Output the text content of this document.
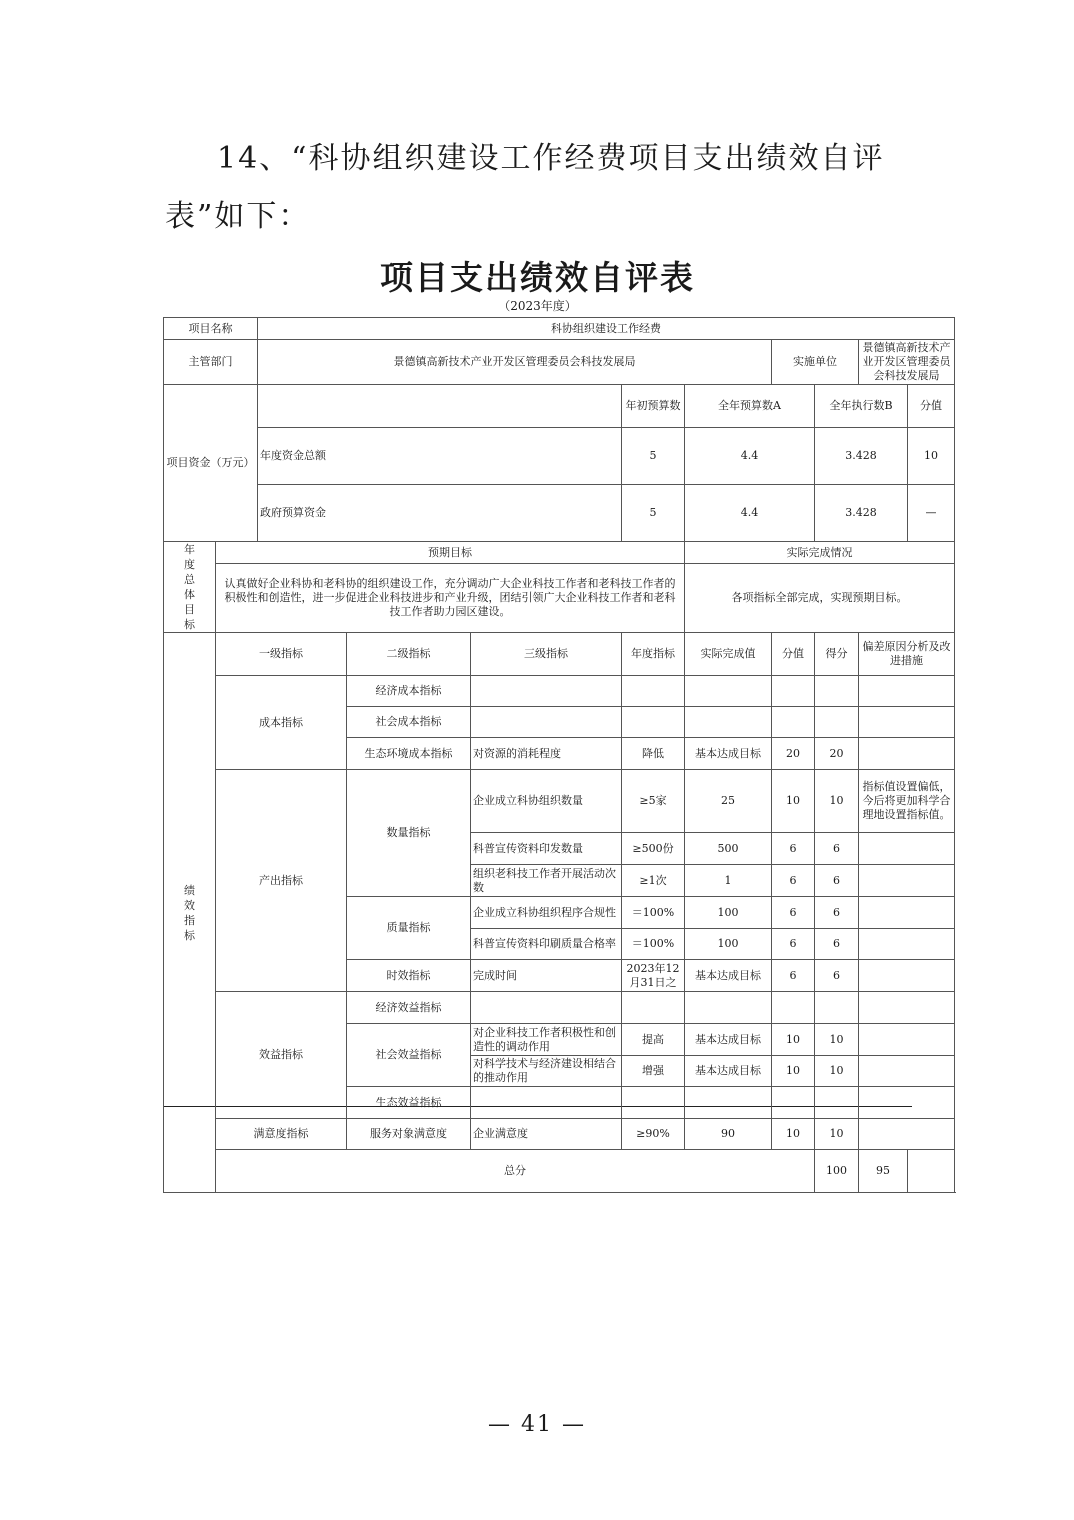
14、“科协组织建设工作经费项目支出绩效自评表”如下：
项目支出绩效自评表
（2023年度）
项目名称		科协组织建设工作经费									
主管部门		景德镇高新技术产业开发区管理委员会科技发展局					实施单位		景德镇高新技术产业开发区管理委员会科技发展局		
项目资金（万元）					年初预算数	全年预算数A		全年执行数B		分值		
		年度资金总额			5	4.4		3.428		10		
		政府预算资金			5	4.4		3.428		—		
年度总体目标	预期目标					实际完成情况					
	认真做好企业科协和老科协的组织建设工作，充分调动广大企业科技工作者和老科技工作者的积极性和创造性，进一步促进企业科技进步和产业升级，团结引领广大企业科技工作者和老科技工作者助力园区建设。					各项指标全部完成，实现预期目标。					
绩效指标	一级指标		二级指标	三级指标	年度指标	实际完成值	分值	得分	偏差原因分析及改进措施		
	成本指标		经济成本指标								
			社会成本指标								
			生态环境成本指标	对资源的消耗程度	降低	基本达成目标	20	20			
	产出指标		数量指标	企业成立科协组织数量	≥5家	25	10	10	指标值设置偏低，今后将更加科学合理地设置指标值。		
				科普宣传资料印发数量	≥500份	500	6	6			
				组织老科技工作者开展活动次数	≥1次	1	6	6			
			质量指标	企业成立科协组织程序合规性	＝100%	100	6	6			
				科普宣传资料印刷质量合格率	＝100%	100	6	6			
			时效指标	完成时间	2023年12月31日之	基本达成目标	6	6			
	效益指标		经济效益指标								
			社会效益指标	对企业科技工作者积极性和创造性的调动作用	提高	基本达成目标	10	10			
				对科学技术与经济建设相结合的推动作用	增强	基本达成目标	10	10			
			生态效益指标								
	满意度指标		服务对象满意度	企业满意度	≥90%	90	10	10			
	总分							100	95		
— 41 —
